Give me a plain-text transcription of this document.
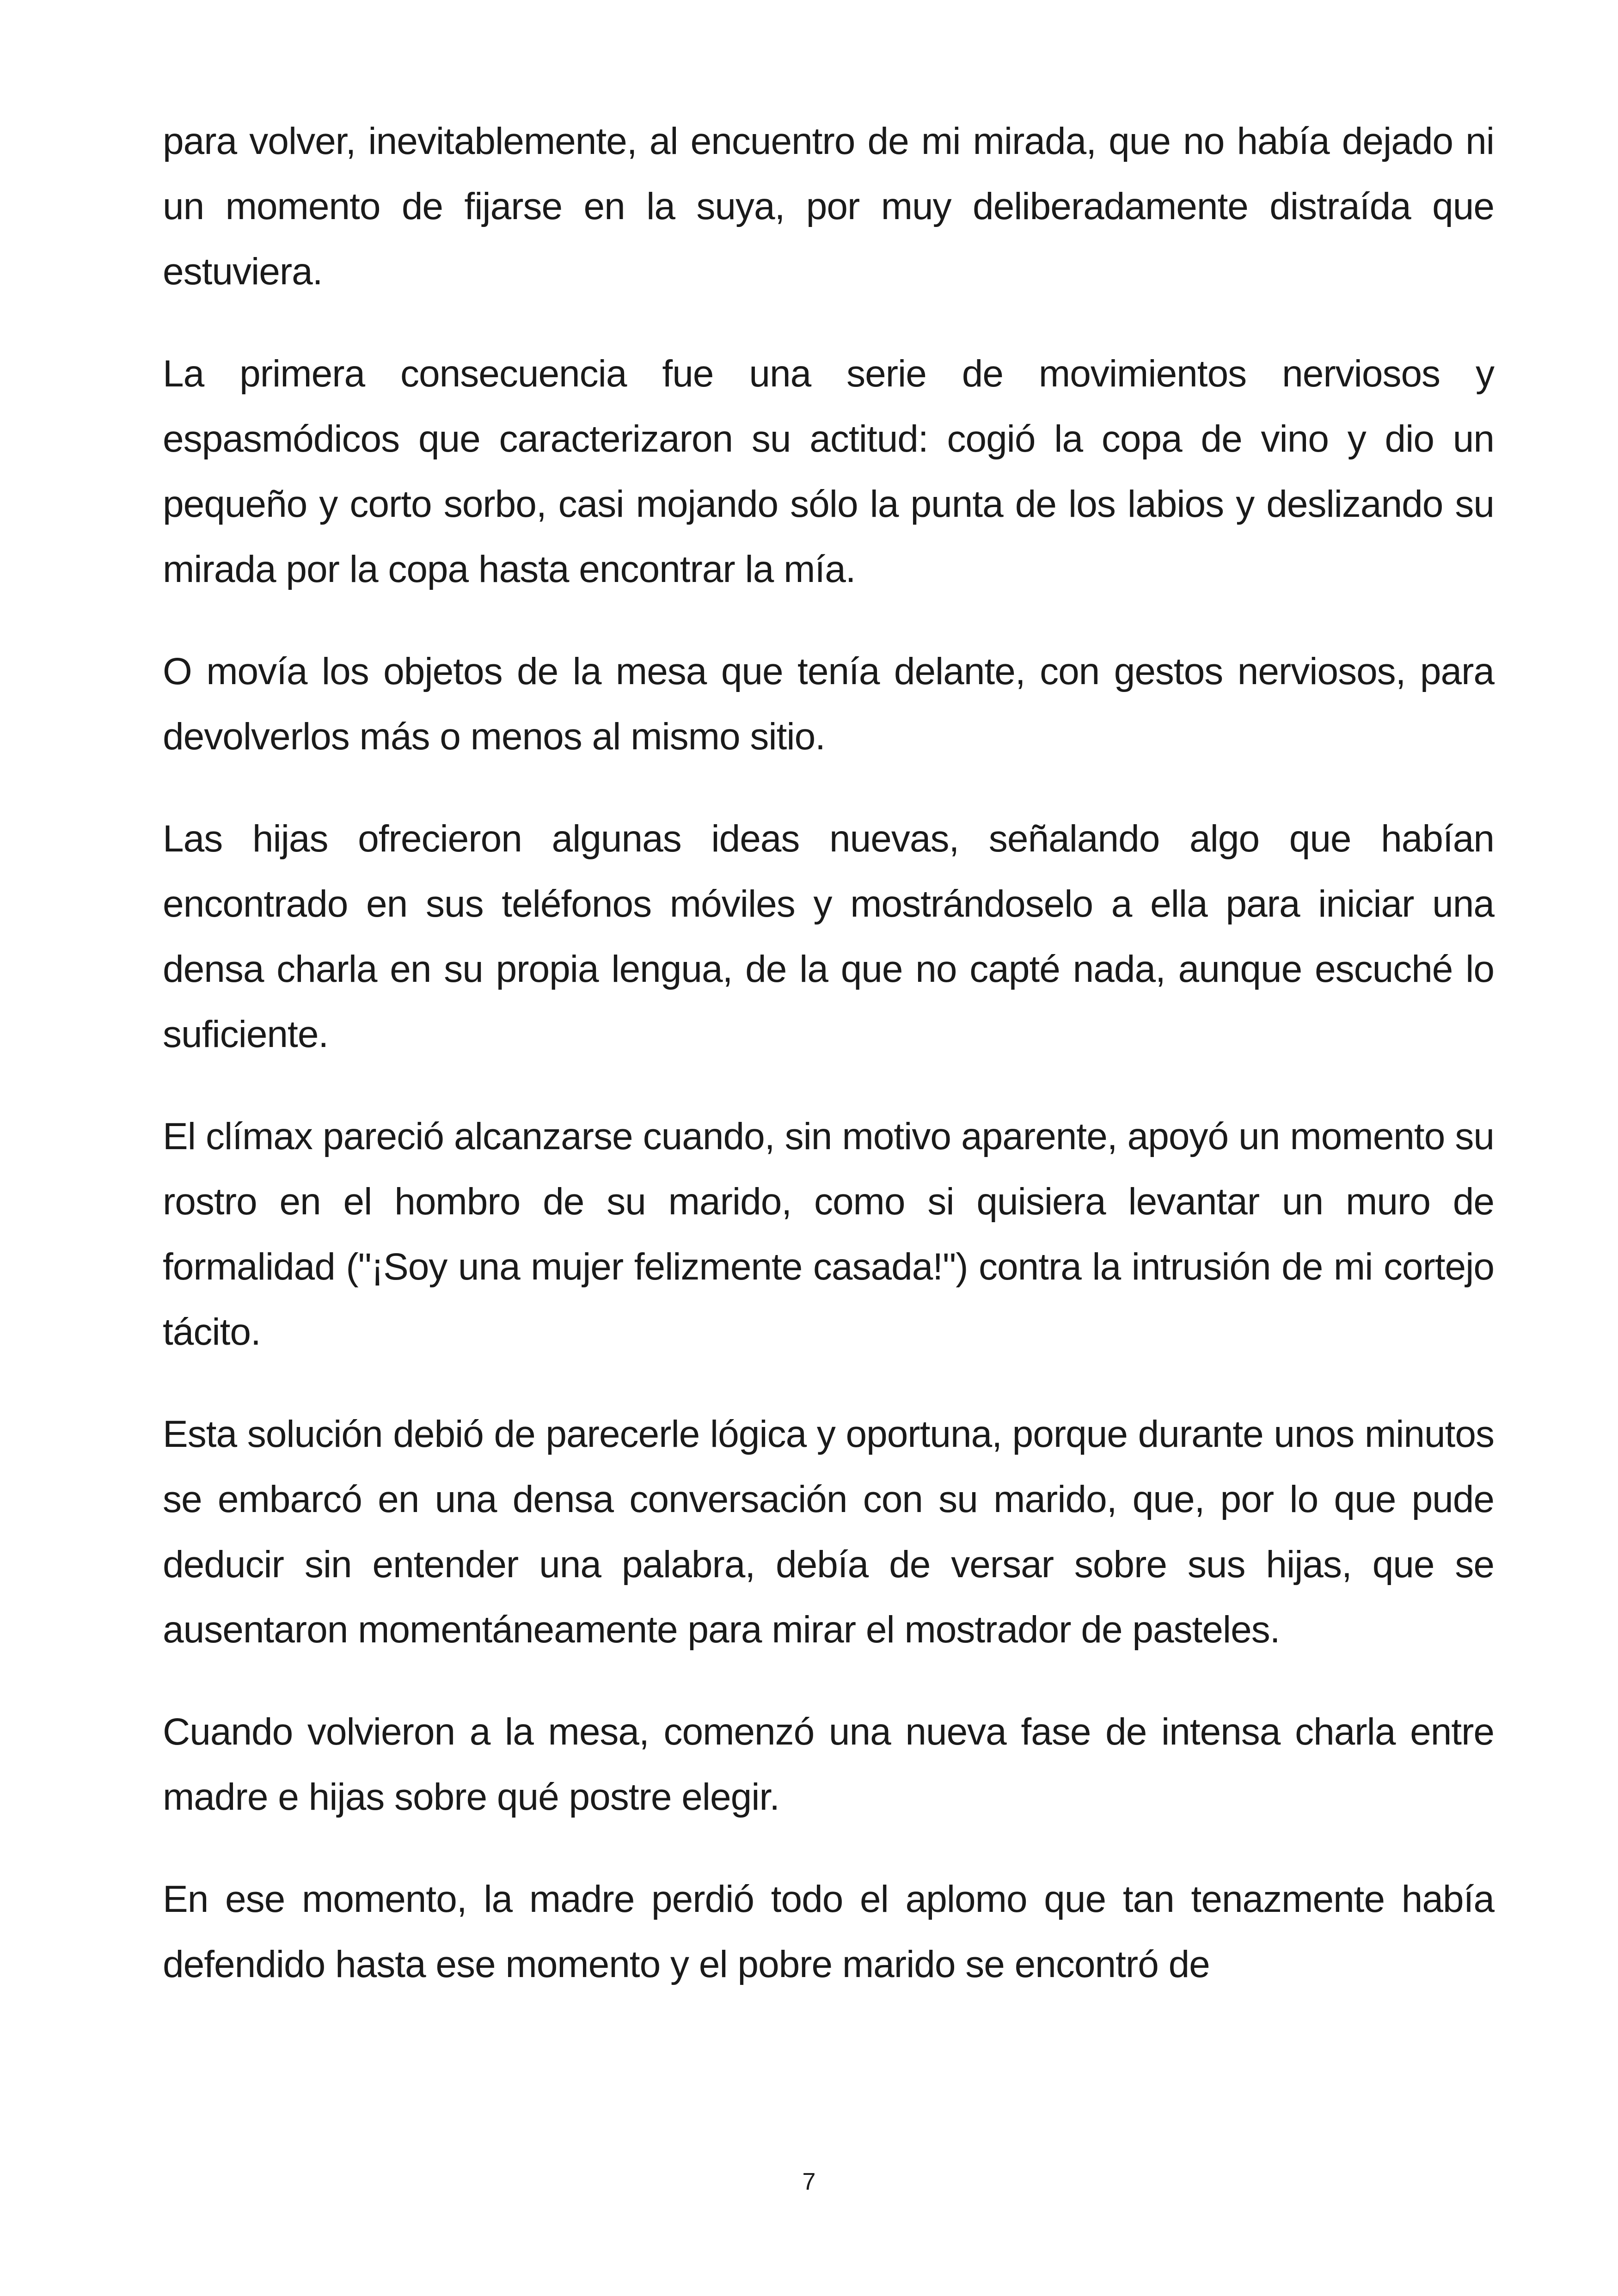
para volver, inevitablemente, al encuentro de mi mirada, que no había dejado ni un momento de fijarse en la suya, por muy deliberadamente distraída que estuviera.

La primera consecuencia fue una serie de movimientos nerviosos y espasmódicos que caracterizaron su actitud: cogió la copa de vino y dio un pequeño y corto sorbo, casi mojando sólo la punta de los labios y deslizando su mirada por la copa hasta encontrar la mía.

O movía los objetos de la mesa que tenía delante, con gestos nerviosos, para devolverlos más o menos al mismo sitio.

Las hijas ofrecieron algunas ideas nuevas, señalando algo que habían encontrado en sus teléfonos móviles y mostrándoselo a ella para iniciar una densa charla en su propia lengua, de la que no capté nada, aunque escuché lo suficiente.

El clímax pareció alcanzarse cuando, sin motivo aparente, apoyó un momento su rostro en el hombro de su marido, como si quisiera levantar un muro de formalidad ("¡Soy una mujer felizmente casada!") contra la intrusión de mi cortejo tácito.

Esta solución debió de parecerle lógica y oportuna, porque durante unos minutos se embarcó en una densa conversación con su marido, que, por lo que pude deducir sin entender una palabra, debía de versar sobre sus hijas, que se ausentaron momentáneamente para mirar el mostrador de pasteles.

Cuando volvieron a la mesa, comenzó una nueva fase de intensa charla entre madre e hijas sobre qué postre elegir.

En ese momento, la madre perdió todo el aplomo que tan tenazmente había defendido hasta ese momento y el pobre marido se encontró de

7
